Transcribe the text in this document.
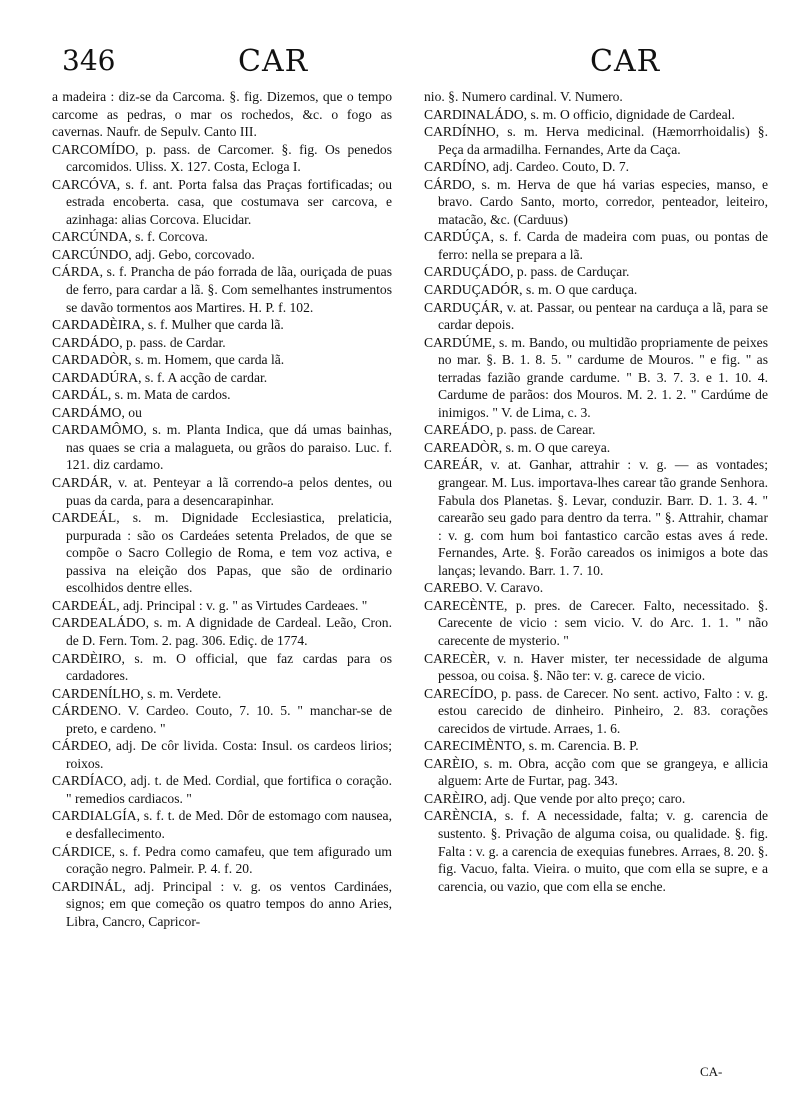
346	CAR	CAR

a madeira : diz-se da Carcoma. §. fig. Dizemos, que o tempo carcome as pedras, o mar os rochedos, &c. o fogo as cavernas. Naufr. de Sepulv. Canto III.

CARCOMÍDO, p. pass. de Carcomer. §. fig. Os penedos carcomidos. Uliss. X. 127. Costa, Ecloga I.

CARCÓVA, s. f. ant. Porta falsa das Praças fortificadas; ou estrada encoberta. casa, que costumava ser carcova, e azinhaga: alias Corcova. Elucidar.

CARCÚNDA, s. f. Corcova.

CARCÚNDO, adj. Gebo, corcovado.

CÁRDA, s. f. Prancha de páo forrada de lãa, ouriçada de puas de ferro, para cardar a lã. §. Com semelhantes instrumentos se davão tormentos aos Martires. H. P. f. 102.

CARDADÈIRA, s. f. Mulher que carda lã.

CARDÁDO, p. pass. de Cardar.

CARDADÒR, s. m. Homem, que carda lã.

CARDADÚRA, s. f. A acção de cardar.

CARDÁL, s. m. Mata de cardos.

CARDÁMO, ou

CARDAMÔMO, s. m. Planta Indica, que dá umas bainhas, nas quaes se cria a malagueta, ou grãos do paraiso. Luc. f. 121. diz cardamo.

CARDÁR, v. at. Penteyar a lã correndo-a pelos dentes, ou puas da carda, para a desencarapinhar.

CARDEÁL, s. m. Dignidade Ecclesiastica, prelaticia, purpurada : são os Cardeáes setenta Prelados, de que se compõe o Sacro Collegio de Roma, e tem voz activa, e passiva na eleição dos Papas, que são de ordinario escolhidos dentre elles.

CARDEÁL, adj. Principal : v. g. " as Virtudes Cardeaes. "

CARDEALÁDO, s. m. A dignidade de Cardeal. Leão, Cron. de D. Fern. Tom. 2. pag. 306. Ediç. de 1774.

CARDÈIRO, s. m. O official, que faz cardas para os cardadores.

CARDENÍLHO, s. m. Verdete.

CÁRDENO. V. Cardeo. Couto, 7. 10. 5. " manchar-se de preto, e cardeno. "

CÁRDEO, adj. De côr livida. Costa: Insul. os cardeos lirios; roixos.

CARDÍACO, adj. t. de Med. Cordial, que fortifica o coração. " remedios cardiacos. "

CARDIALGÍA, s. f. t. de Med. Dôr de estomago com nausea, e desfallecimento.

CÁRDICE, s. f. Pedra como camafeu, que tem afigurado um coração negro. Palmeir. P. 4. f. 20.

CARDINÁL, adj. Principal : v. g. os ventos Cardináes, signos; em que começão os quatro tempos do anno Aries, Libra, Cancro, Capricor-

nio. §. Numero cardinal. V. Numero.

CARDINALÁDO, s. m. O officio, dignidade de Cardeal.

CARDÍNHO, s. m. Herva medicinal. (Hæmorrhoidalis) §. Peça da armadilha. Fernandes, Arte da Caça.

CARDÍNO, adj. Cardeo. Couto, D. 7.

CÁRDO, s. m. Herva de que há varias especies, manso, e bravo. Cardo Santo, morto, corredor, penteador, leiteiro, matacão, &c. (Carduus)

CARDÚÇA, s. f. Carda de madeira com puas, ou pontas de ferro: nella se prepara a lã.

CARDUÇÁDO, p. pass. de Carduçar.

CARDUÇADÓR, s. m. O que carduça.

CARDUÇÁR, v. at. Passar, ou pentear na carduça a lã, para se cardar depois.

CARDÚME, s. m. Bando, ou multidão propriamente de peixes no mar. §. B. 1. 8. 5. " cardume de Mouros. " e fig. " as terradas fazião grande cardume. " B. 3. 7. 3. e 1. 10. 4. Cardume de parãos: dos Mouros. M. 2. 1. 2. " Cardúme de inimigos. " V. de Lima, c. 3.

CAREÁDO, p. pass. de Carear.

CAREADÒR, s. m. O que careya.

CAREÁR, v. at. Ganhar, attrahir : v. g. — as vontades; grangear. M. Lus. importava-lhes carear tão grande Senhora. Fabula dos Planetas. §. Levar, conduzir. Barr. D. 1. 3. 4. " carearão seu gado para dentro da terra. " §. Attrahir, chamar : v. g. com hum boi fantastico carcão estas aves á rede. Fernandes, Arte. §. Forão careados os inimigos a bote das lanças; levando. Barr. 1. 7. 10.

CAREBO. V. Caravo.

CARECÈNTE, p. pres. de Carecer. Falto, necessitado. §. Carecente de vicio : sem vicio. V. do Arc. 1. 1. " não carecente de mysterio. "

CARECÈR, v. n. Haver mister, ter necessidade de alguma pessoa, ou coisa. §. Não ter: v. g. carece de vicio.

CARECÍDO, p. pass. de Carecer. No sent. activo, Falto : v. g. estou carecido de dinheiro. Pinheiro, 2. 83. corações carecidos de virtude. Arraes, 1. 6.

CARECIMÈNTO, s. m. Carencia. B. P.

CARÈIO, s. m. Obra, acção com que se grangeya, e allicia alguem: Arte de Furtar, pag. 343.

CARÈIRO, adj. Que vende por alto preço; caro.

CARÈNCIA, s. f. A necessidade, falta; v. g. carencia de sustento. §. Privação de alguma coisa, ou qualidade. §. fig. Falta : v. g. a carencia de exequias funebres. Arraes, 8. 20. §. fig. Vacuo, falta. Vieira. o muito, que com ella se supre, e a carencia, ou vazio, que com ella se enche.

CA-
